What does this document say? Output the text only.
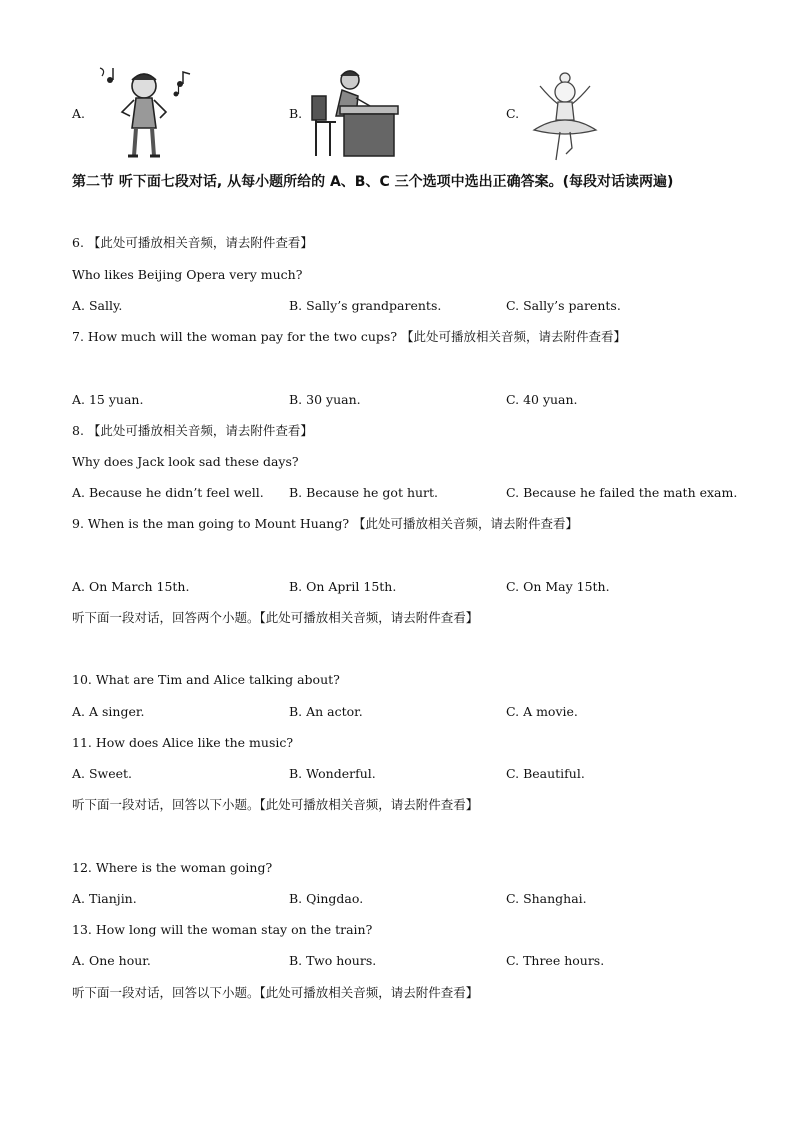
A.	B.	C.
第二节 听下面七段对话, 从每小题所给的 A、B、C 三个选项中选出正确答案。(每段对话读两遍)
6. 【此处可播放相关音频，请去附件查看】
Who likes Beijing Opera very much?
A. Sally.	B. Sally’s grandparents.	C. Sally’s parents.
7. How much will the woman pay for the two cups? 【此处可播放相关音频，请去附件查看】
A. 15 yuan.	B. 30 yuan.	C. 40 yuan.
8. 【此处可播放相关音频，请去附件查看】
Why does Jack look sad these days?
A. Because he didn’t feel well. B. Because he got hurt.	C. Because he failed the math exam.
9. When is the man going to Mount Huang? 【此处可播放相关音频，请去附件查看】
A. On March 15th.	B. On April 15th.	C. On May 15th.
听下面一段对话，回答两个小题。【此处可播放相关音频，请去附件查看】
10. What are Tim and Alice talking about?
A. A singer.	B. An actor.	C. A movie.
11. How does Alice like the music?
A. Sweet.	B. Wonderful.	C. Beautiful.
听下面一段对话，回答以下小题。【此处可播放相关音频，请去附件查看】
12. Where is the woman going?
A. Tianjin.	B. Qingdao.	C. Shanghai.
13. How long will the woman stay on the train?
A. One hour.	B. Two hours.	C. Three hours.
听下面一段对话，回答以下小题。【此处可播放相关音频，请去附件查看】
